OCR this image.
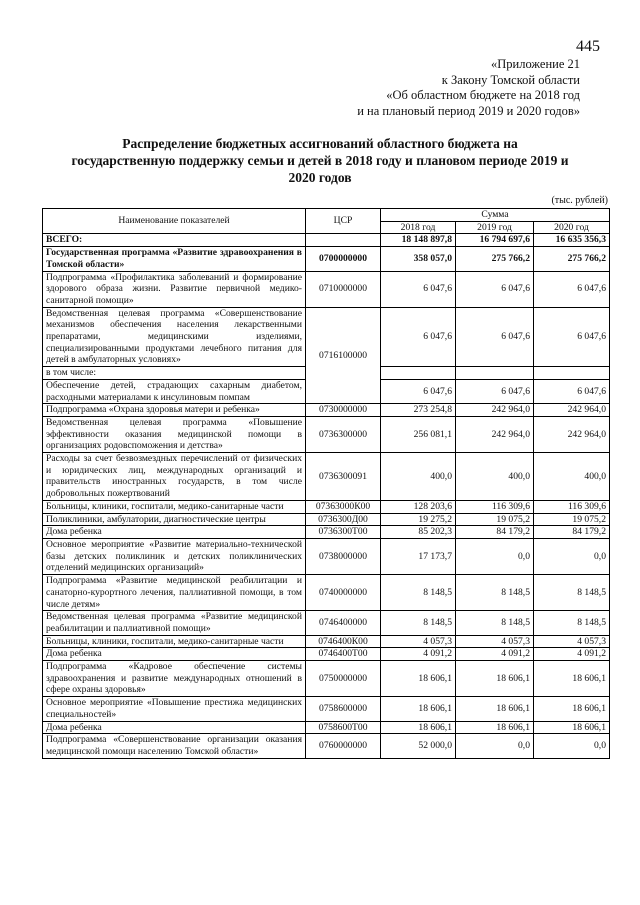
445
«Приложение 21
к Закону Томской области
«Об областном бюджете на 2018 год
и на плановый период 2019 и 2020 годов»
Распределение бюджетных ассигнований областного бюджета на государственную поддержку семьи и детей в 2018 году и плановом периоде 2019 и 2020 годов
(тыс. рублей)
Наименование показателей	ЦСР	Сумма		
		2018 год	2019 год	2020 год
ВСЕГО:		18 148 897,8	16 794 697,6	16 635 356,3
Государственная программа «Развитие здравоохранения в Томской области»	0700000000	358 057,0	275 766,2	275 766,2
Подпрограмма «Профилактика заболеваний и формирование здорового образа жизни. Развитие первичной медико-санитарной помощи»	0710000000	6 047,6	6 047,6	6 047,6
Ведомственная целевая программа «Совершенствование механизмов обеспечения населения лекарственными препаратами, медицинскими изделиями, специализированными продуктами лечебного питания для детей в амбулаторных условиях»	0716100000	6 047,6	6 047,6	6 047,6
в том числе:				
Обеспечение детей, страдающих сахарным диабетом, расходными материалами к инсулиновым помпам		6 047,6	6 047,6	6 047,6
Подпрограмма «Охрана здоровья матери и ребенка»	0730000000	273 254,8	242 964,0	242 964,0
Ведомственная целевая программа «Повышение эффективности оказания медицинской помощи в организациях родовспоможения и детства»	0736300000	256 081,1	242 964,0	242 964,0
Расходы за счет безвозмездных перечислений от физических и юридических лиц, международных организаций и правительств иностранных государств, в том числе добровольных пожертвований	0736300091	400,0	400,0	400,0
Больницы, клиники, госпитали, медико-санитарные части	07363000К00	128 203,6	116 309,6	116 309,6
Поликлиники, амбулатории, диагностические центры	0736300Д00	19 275,2	19 075,2	19 075,2
Дома ребенка	0736300Т00	85 202,3	84 179,2	84 179,2
Основное мероприятие «Развитие материально-технической базы детских поликлиник и детских поликлинических отделений медицинских организаций»	0738000000	17 173,7	0,0	0,0
Подпрограмма «Развитие медицинской реабилитации и санаторно-курортного лечения, паллиативной помощи, в том числе детям»	0740000000	8 148,5	8 148,5	8 148,5
Ведомственная целевая программа «Развитие медицинской реабилитации и паллиативной помощи»	0746400000	8 148,5	8 148,5	8 148,5
Больницы, клиники, госпитали, медико-санитарные части	0746400К00	4 057,3	4 057,3	4 057,3
Дома ребенка	0746400Т00	4 091,2	4 091,2	4 091,2
Подпрограмма «Кадровое обеспечение системы здравоохранения и развитие международных отношений в сфере охраны здоровья»	0750000000	18 606,1	18 606,1	18 606,1
Основное мероприятие «Повышение престижа медицинских специальностей»	0758600000	18 606,1	18 606,1	18 606,1
Дома ребенка	0758600Т00	18 606,1	18 606,1	18 606,1
Подпрограмма «Совершенствование организации оказания медицинской помощи населению Томской области»	0760000000	52 000,0	0,0	0,0
